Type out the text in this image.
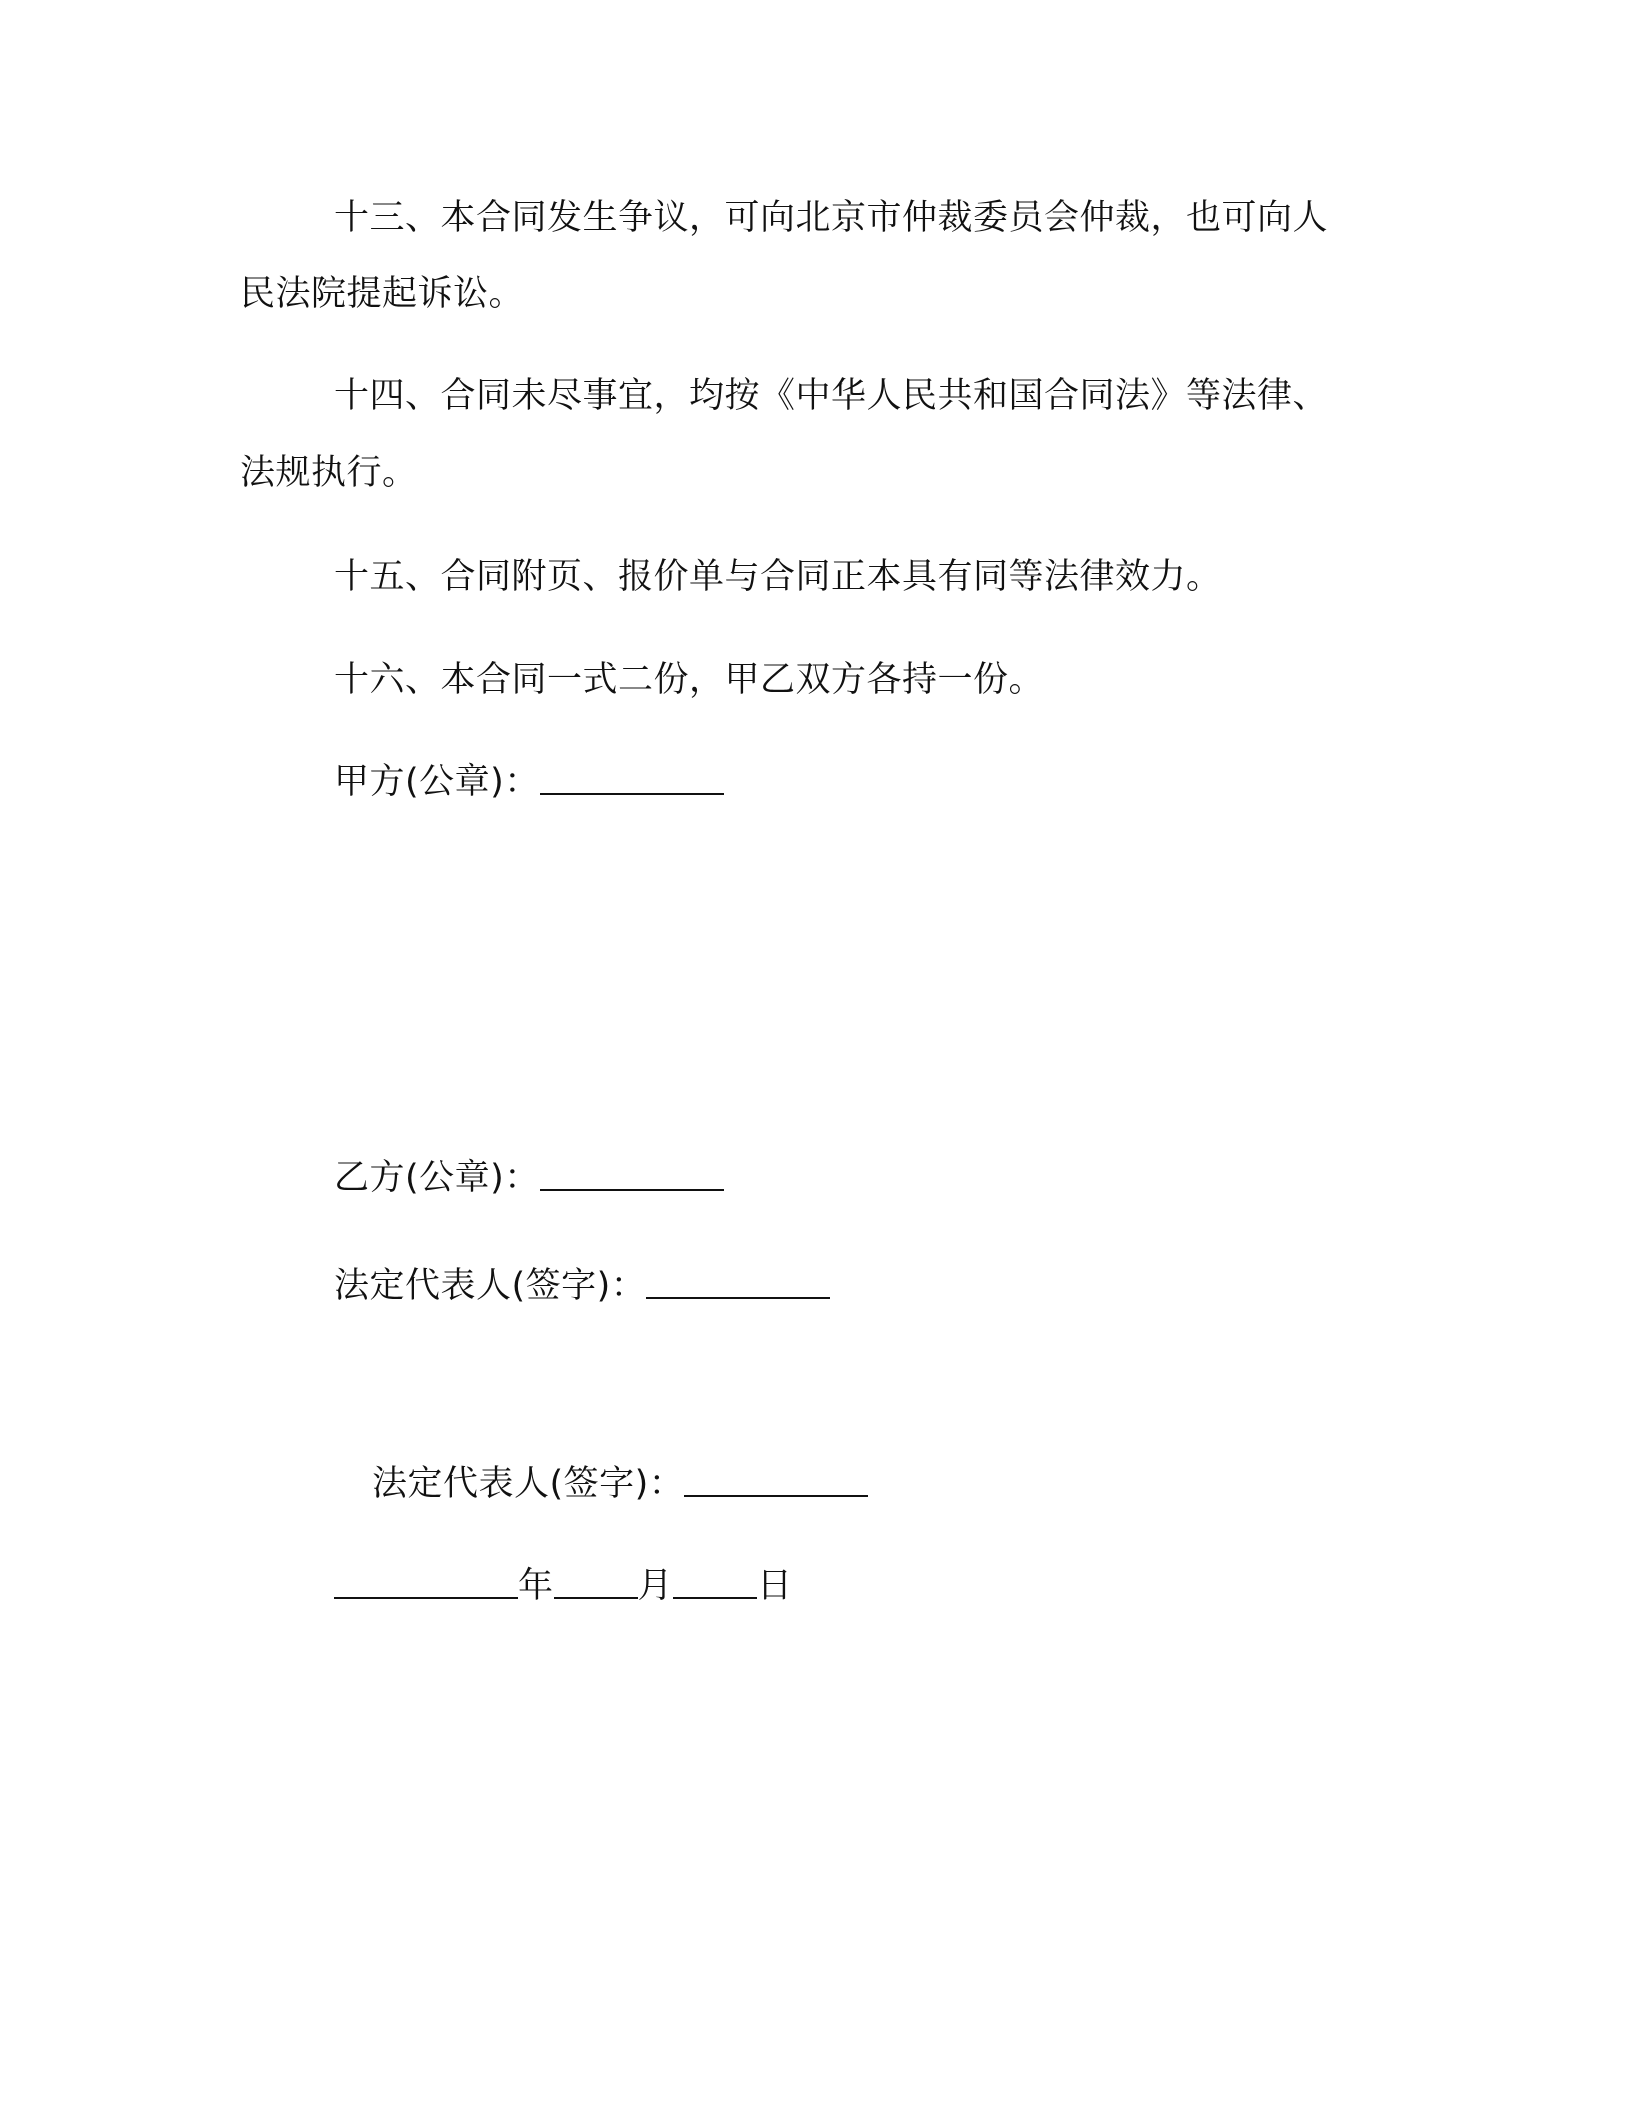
十三、本合同发生争议，可向北京市仲裁委员会仲裁，也可向人
民法院提起诉讼。
十四、合同未尽事宜，均按《中华人民共和国合同法》等法律、
法规执行。
十五、合同附页、报价单与合同正本具有同等法律效力。
十六、本合同一式二份，甲乙双方各持一份。
甲方(公章)：
乙方(公章)：
法定代表人(签字)：
法定代表人(签字)：
年 月 日
